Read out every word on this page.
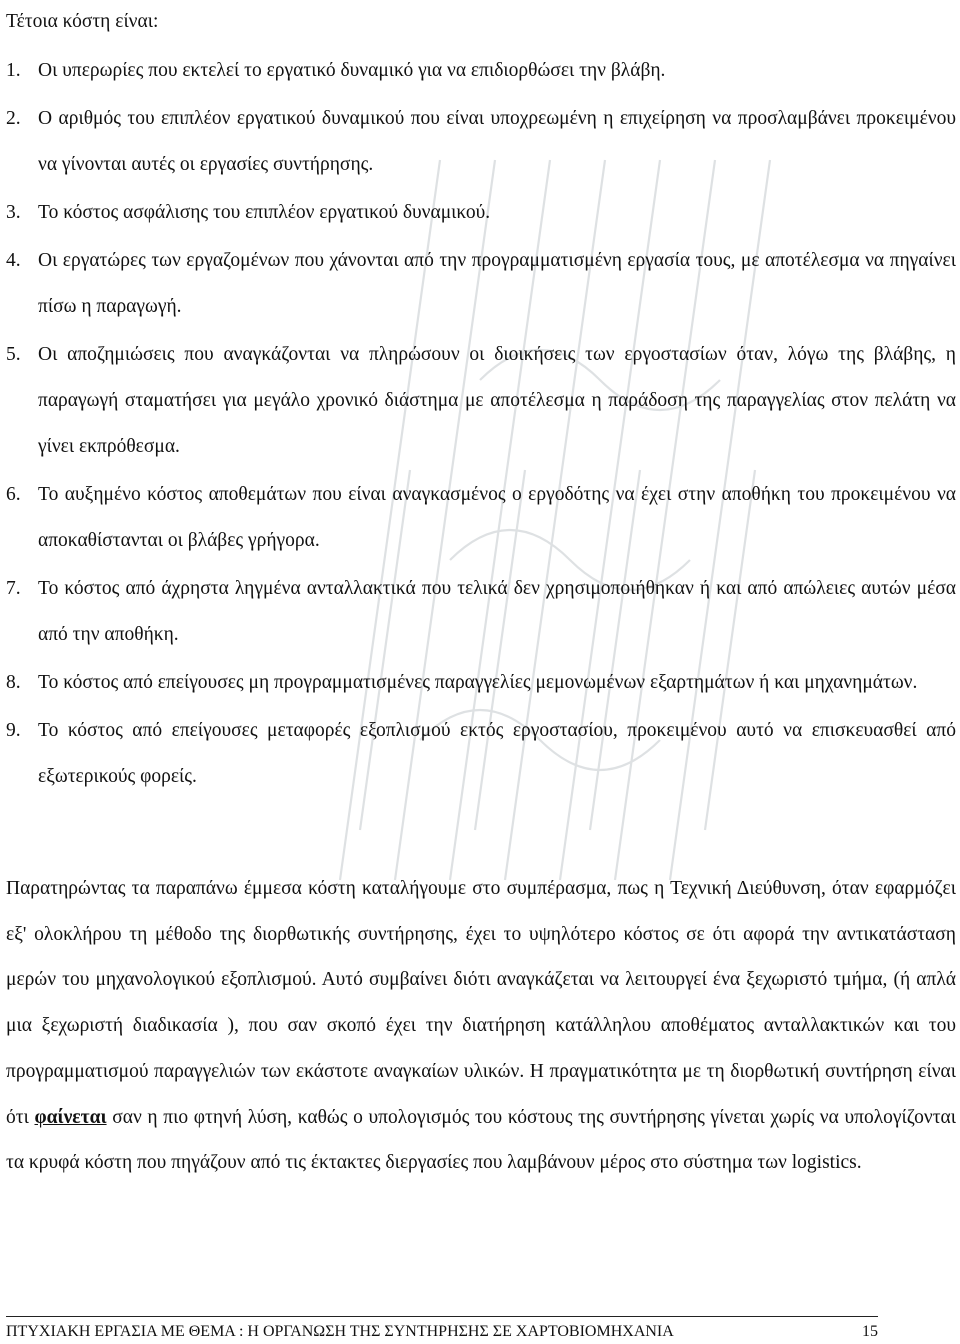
Τέτοια κόστη είναι:

1. Οι υπερωρίες που εκτελεί το εργατικό δυναμικό για να επιδιορθώσει την βλάβη.
2. Ο αριθμός του επιπλέον εργατικού δυναμικού που είναι υποχρεωμένη η επιχείρηση να προσλαμβάνει προκειμένου να γίνονται αυτές οι εργασίες συντήρησης.
3. Το κόστος ασφάλισης του επιπλέον εργατικού δυναμικού.
4. Οι εργατώρες των εργαζομένων που χάνονται από την προγραμματισμένη εργασία τους, με αποτέλεσμα να πηγαίνει πίσω η παραγωγή.
5. Οι αποζημιώσεις που αναγκάζονται να πληρώσουν οι διοικήσεις των εργοστασίων όταν, λόγω της βλάβης, η παραγωγή σταματήσει για μεγάλο χρονικό διάστημα με αποτέλεσμα η παράδοση της παραγγελίας στον πελάτη να γίνει εκπρόθεσμα.
6. Το αυξημένο κόστος αποθεμάτων που είναι αναγκασμένος ο εργοδότης να έχει στην αποθήκη του προκειμένου να αποκαθίστανται οι βλάβες γρήγορα.
7. Το κόστος από άχρηστα ληγμένα ανταλλακτικά που τελικά δεν χρησιμοποιήθηκαν ή και από απώλειες αυτών μέσα από την αποθήκη.
8. Το κόστος από επείγουσες μη προγραμματισμένες παραγγελίες μεμονωμένων εξαρτημάτων ή και μηχανημάτων.
9. Το κόστος από επείγουσες μεταφορές εξοπλισμού εκτός εργοστασίου, προκειμένου αυτό να επισκευασθεί από εξωτερικούς φορείς.

Παρατηρώντας τα παραπάνω έμμεσα κόστη καταλήγουμε στο συμπέρασμα, πως η Τεχνική Διεύθυνση, όταν εφαρμόζει εξ' ολοκλήρου τη μέθοδο της διορθωτικής συντήρησης, έχει το υψηλότερο κόστος σε ότι αφορά την αντικατάσταση μερών του μηχανολογικού εξοπλισμού. Αυτό συμβαίνει διότι αναγκάζεται να λειτουργεί ένα ξεχωριστό τμήμα, (ή απλά μια ξεχωριστή διαδικασία ), που σαν σκοπό έχει την διατήρηση κατάλληλου αποθέματος ανταλλακτικών και του προγραμματισμού παραγγελιών των εκάστοτε αναγκαίων υλικών. Η πραγματικότητα με τη διορθωτική συντήρηση είναι ότι φαίνεται σαν η πιο φτηνή λύση, καθώς ο υπολογισμός του κόστους της συντήρησης γίνεται χωρίς να υπολογίζονται τα κρυφά κόστη που πηγάζουν από τις έκτακτες διεργασίες που λαμβάνουν μέρος στο σύστημα των logistics.

ΠΤΥΧΙΑΚΗ ΕΡΓΑΣΙΑ ΜΕ ΘΕΜΑ : Η ΟΡΓΑΝΩΣΗ ΤΗΣ ΣΥΝΤΗΡΗΣΗΣ ΣΕ ΧΑΡΤΟΒΙΟΜΗΧΑΝΙΑ	15
